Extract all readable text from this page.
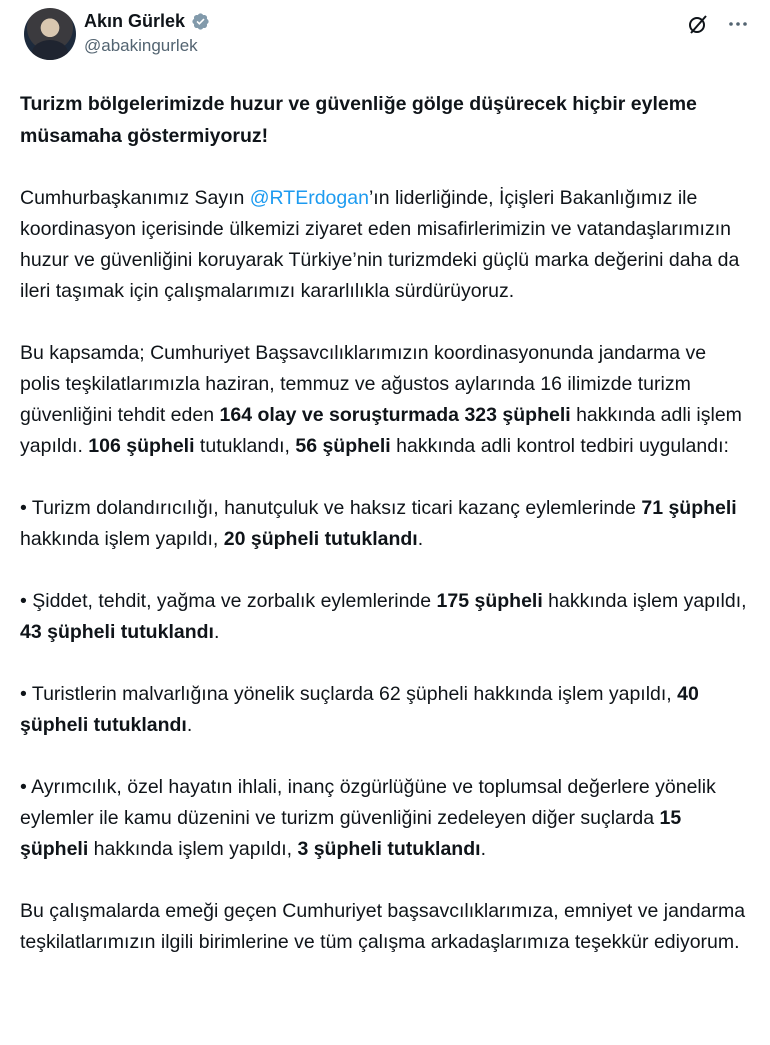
Akın Gürlek
@abakingurlek

Turizm bölgelerimizde huzur ve güvenliğe gölge düşürecek hiçbir eyleme müsamaha göstermiyoruz!

Cumhurbaşkanımız Sayın @RTErdogan’ın liderliğinde, İçişleri Bakanlığımız ile koordinasyon içerisinde ülkemizi ziyaret eden misafirlerimizin ve vatandaşlarımızın huzur ve güvenliğini koruyarak Türkiye’nin turizmdeki güçlü marka değerini daha da ileri taşımak için çalışmalarımızı kararlılıkla sürdürüyoruz.

Bu kapsamda; Cumhuriyet Başsavcılıklarımızın koordinasyonunda jandarma ve polis teşkilatlarımızla haziran, temmuz ve ağustos aylarında 16 ilimizde turizm güvenliğini tehdit eden 164 olay ve soruşturmada 323 şüpheli hakkında adli işlem yapıldı. 106 şüpheli tutuklandı, 56 şüpheli hakkında adli kontrol tedbiri uygulandı:

• Turizm dolandırıcılığı, hanutçuluk ve haksız ticari kazanç eylemlerinde 71 şüpheli hakkında işlem yapıldı, 20 şüpheli tutuklandı.

• Şiddet, tehdit, yağma ve zorbalık eylemlerinde 175 şüpheli hakkında işlem yapıldı, 43 şüpheli tutuklandı.

• Turistlerin malvarlığına yönelik suçlarda 62 şüpheli hakkında işlem yapıldı, 40 şüpheli tutuklandı.

• Ayrımcılık, özel hayatın ihlali, inanç özgürlüğüne ve toplumsal değerlere yönelik eylemler ile kamu düzenini ve turizm güvenliğini zedeleyen diğer suçlarda 15 şüpheli hakkında işlem yapıldı, 3 şüpheli tutuklandı.

Bu çalışmalarda emeği geçen Cumhuriyet başsavcılıklarımıza, emniyet ve jandarma teşkilatlarımızın ilgili birimlerine ve tüm çalışma arkadaşlarımıza teşekkür ediyorum.
